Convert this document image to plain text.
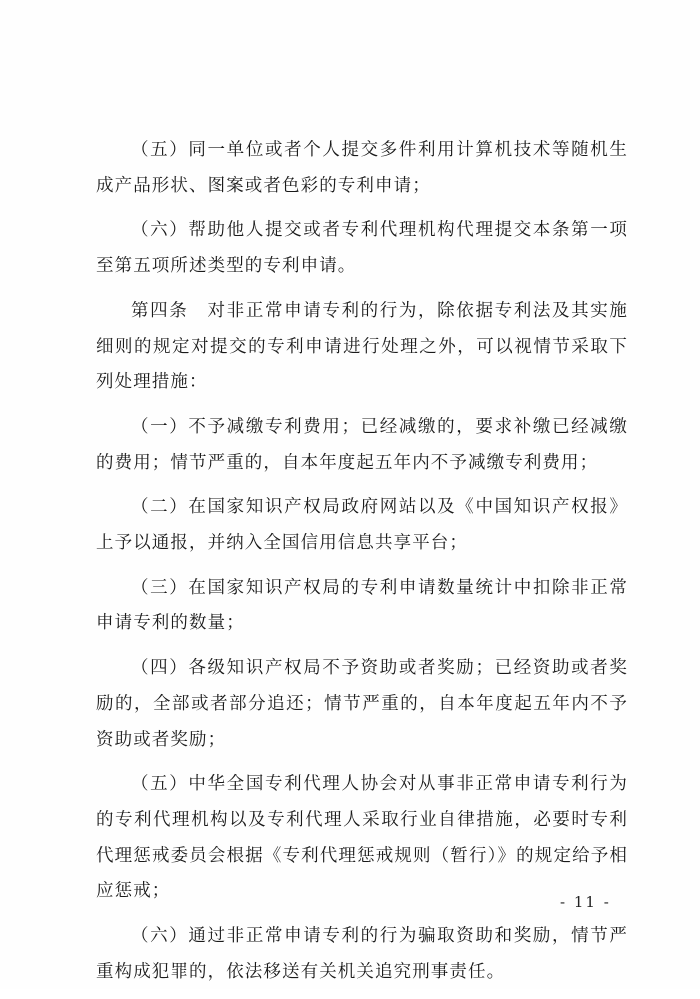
（五）同一单位或者个人提交多件利用计算机技术等随机生成产品形状、图案或者色彩的专利申请；

（六）帮助他人提交或者专利代理机构代理提交本条第一项至第五项所述类型的专利申请。

第四条　对非正常申请专利的行为，除依据专利法及其实施细则的规定对提交的专利申请进行处理之外，可以视情节采取下列处理措施：

（一）不予减缴专利费用；已经减缴的，要求补缴已经减缴的费用；情节严重的，自本年度起五年内不予减缴专利费用；

（二）在国家知识产权局政府网站以及《中国知识产权报》上予以通报，并纳入全国信用信息共享平台；

（三）在国家知识产权局的专利申请数量统计中扣除非正常申请专利的数量；

（四）各级知识产权局不予资助或者奖励；已经资助或者奖励的，全部或者部分追还；情节严重的，自本年度起五年内不予资助或者奖励；

（五）中华全国专利代理人协会对从事非正常申请专利行为的专利代理机构以及专利代理人采取行业自律措施，必要时专利代理惩戒委员会根据《专利代理惩戒规则（暂行）》的规定给予相应惩戒；

（六）通过非正常申请专利的行为骗取资助和奖励，情节严重构成犯罪的，依法移送有关机关追究刑事责任。

- 11 -
